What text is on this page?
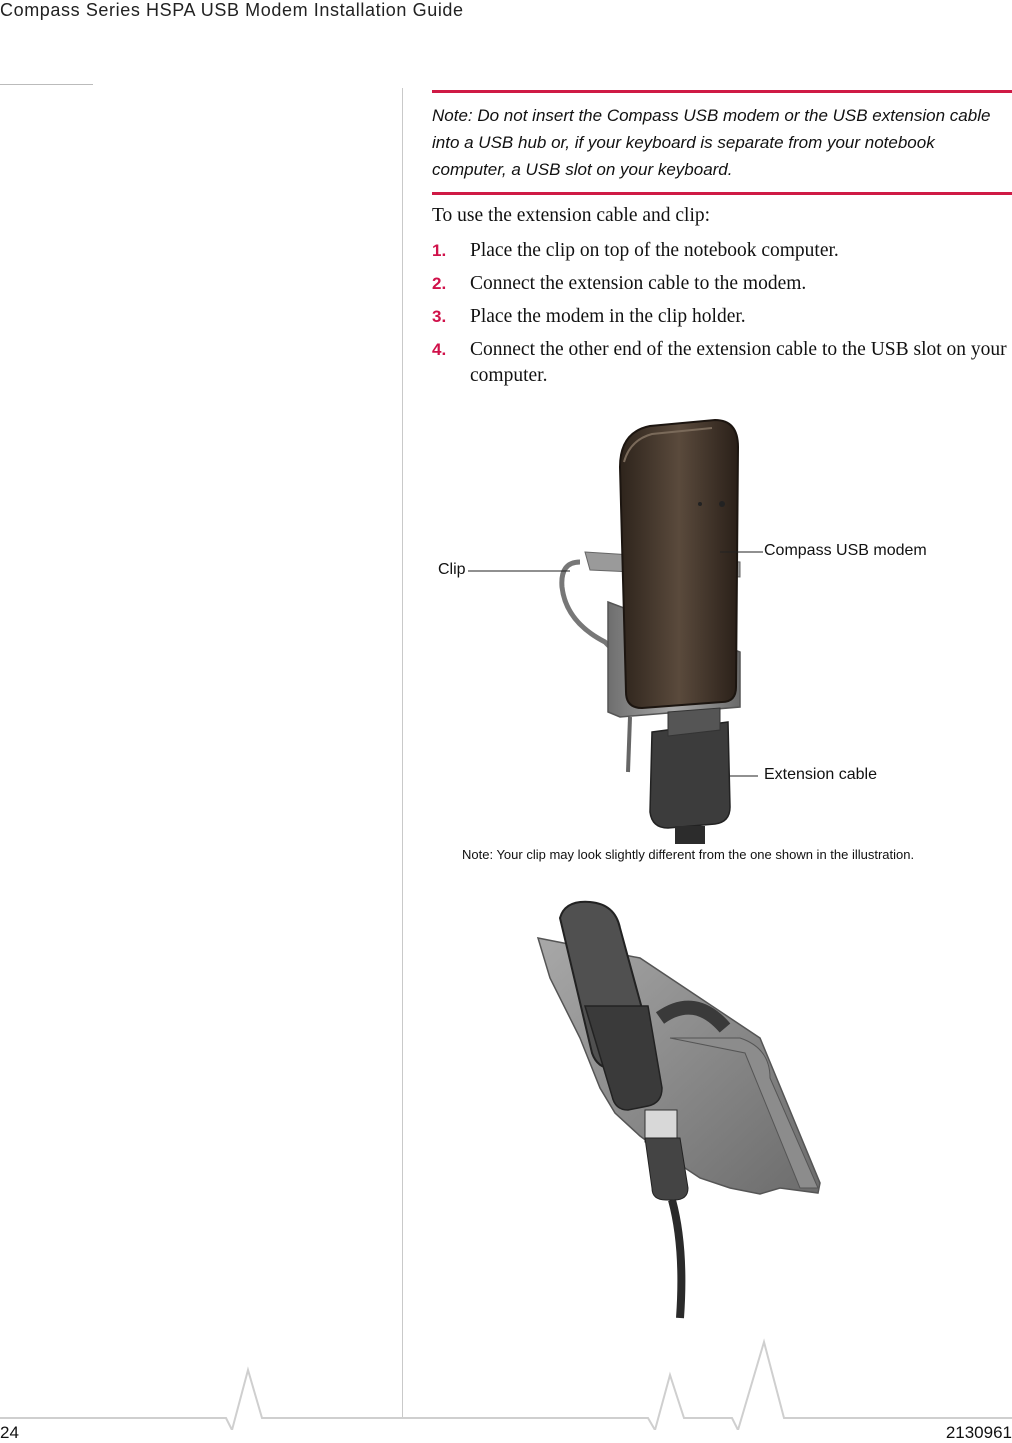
Compass Series HSPA USB Modem Installation Guide

Note: Do not insert the Compass USB modem or the USB extension cable into a USB hub or, if your keyboard is separate from your notebook computer, a USB slot on your keyboard.

To use the extension cable and clip:
1. Place the clip on top of the notebook computer.
2. Connect the extension cable to the modem.
3. Place the modem in the clip holder.
4. Connect the other end of the extension cable to the USB slot on your computer.
Clip
Compass USB modem
Extension cable
Note: Your clip may look slightly different from the one shown in the illustration.
24	2130961
